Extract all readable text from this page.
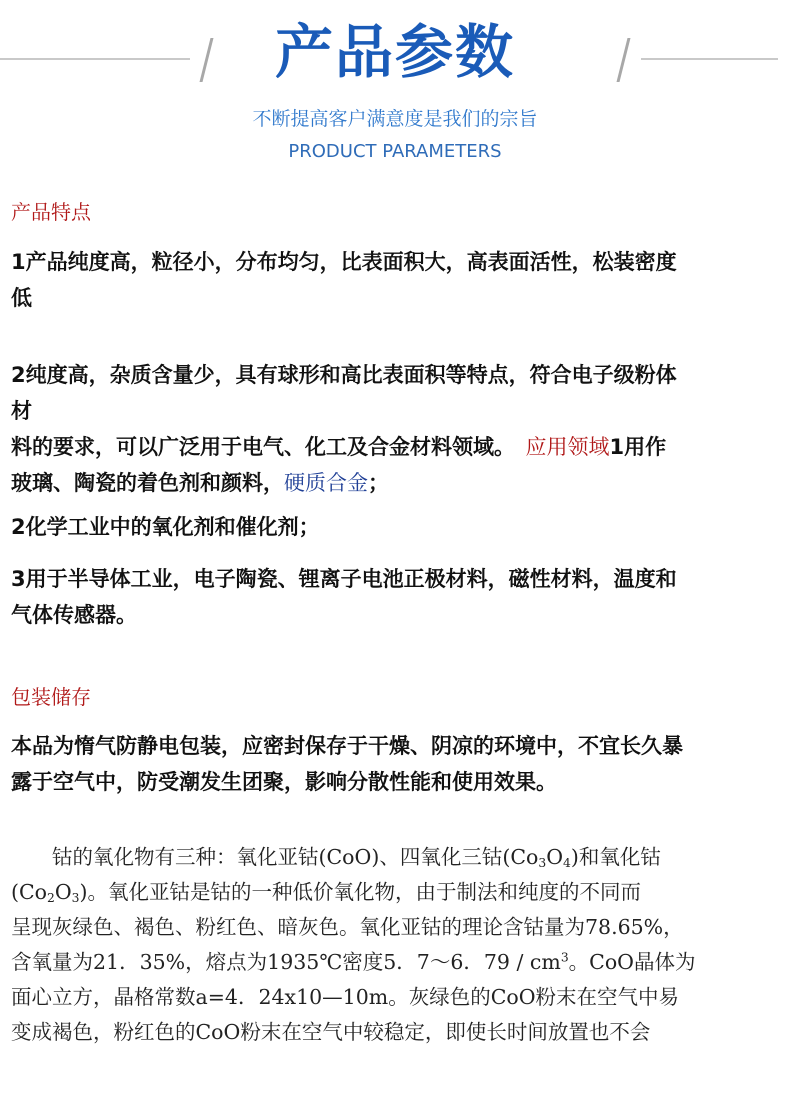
产品参数
不断提高客户满意度是我们的宗旨
PRODUCT PARAMETERS
产品特点
1产品纯度高，粒径小，分布均匀，比表面积大，高表面活性，松装密度
低
2纯度高，杂质含量少，具有球形和高比表面积等特点，符合电子级粉体
材
料的要求，可以广泛用于电气、化工及合金材料领域。　 应用领域1用作
玻璃、陶瓷的着色剂和颜料，硬质合金；
2化学工业中的氧化剂和催化剂；
3用于半导体工业，电子陶瓷、锂离子电池正极材料，磁性材料，温度和
气体传感器。
包装储存
本品为惰气防静电包装，应密封保存于干燥、阴凉的环境中，不宜长久暴
露于空气中，防受潮发生团聚，影响分散性能和使用效果。
　　钴的氧化物有三种：氧化亚钴(CoO)、四氧化三钴$(Co_3O_4)$和氧化钴
$(Co_2O_3)$。氧化亚钴是钴的一种低价氧化物，由于制法和纯度的不同而
呈现灰绿色、褐色、粉红色、暗灰色。氧化亚钴的理论含钴量为78.65%，
含氧量为21．35%，熔点为1935℃密度5．7～6．$79 / cm^3$。CoO晶体为
面心立方，晶格常数a=4．24x10—10m。灰绿色的CoO粉末在空气中易
变成褐色，粉红色的CoO粉末在空气中较稳定，即使长时间放置也不会
